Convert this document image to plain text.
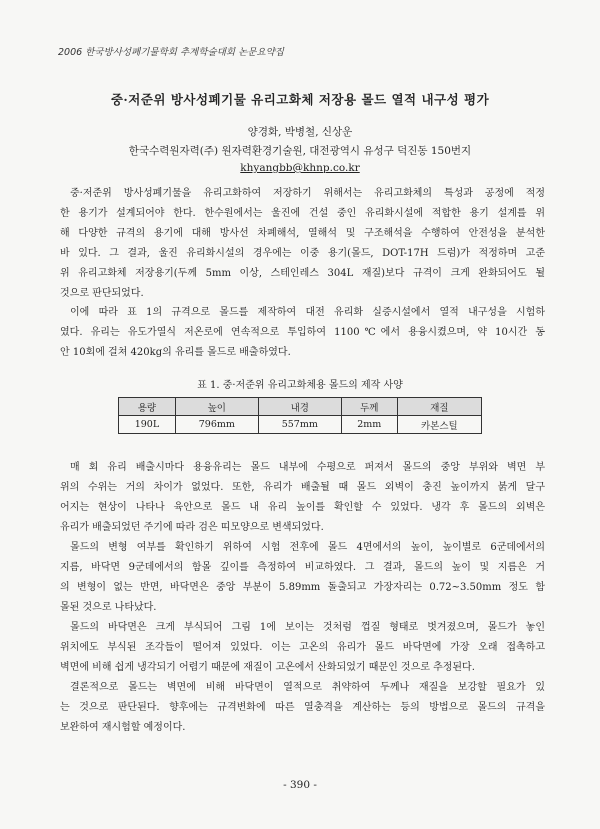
2006 한국방사성폐기물학회 추계학술대회 논문요약집
중·저준위 방사성폐기물 유리고화체 저장용 몰드 열적 내구성 평가
양경화, 박병철, 신상운
한국수력원자력(주) 원자력환경기술원, 대전광역시 유성구 덕진동 150번지
khyangbb@khnp.co.kr
중·저준위 방사성폐기물을 유리고화하여 저장하기 위해서는 유리고화체의 특성과 공정에 적정
한 용기가 설계되어야 한다. 한수원에서는 울진에 건설 중인 유리화시설에 적합한 용기 설계를 위
해 다양한 규격의 용기에 대해 방사선 차폐해석, 열해석 및 구조해석을 수행하여 안전성을 분석한
바 있다. 그 결과, 울진 유리화시설의 경우에는 이중 용기(몰드, DOT-17H 드럼)가 적정하며 고준
위 유리고화체 저장용기(두께 5mm 이상, 스테인레스 304L 재질)보다 규격이 크게 완화되어도 될
것으로 판단되었다.
이에 따라 표 1의 규격으로 몰드를 제작하여 대전 유리화 실증시설에서 열적 내구성을 시험하
였다. 유리는 유도가열식 저온로에 연속적으로 투입하여 1100℃에서 용융시켰으며, 약 10시간 동
안 10회에 걸쳐 420kg의 유리를 몰드로 배출하였다.
표 1. 중·저준위 유리고화체용 몰드의 제작 사양
용량	높이	내경	두께	재질
190L	796mm	557mm	2mm	카본스틸
매 회 유리 배출시마다 용융유리는 몰드 내부에 수평으로 퍼져서 몰드의 중앙 부위와 벽면 부
위의 수위는 거의 차이가 없었다. 또한, 유리가 배출될 때 몰드 외벽이 충진 높이까지 붉게 달구
어지는 현상이 나타나 육안으로 몰드 내 유리 높이를 확인할 수 있었다. 냉각 후 몰드의 외벽은
유리가 배출되었던 주기에 따라 검은 띠모양으로 변색되었다.
몰드의 변형 여부를 확인하기 위하여 시험 전후에 몰드 4면에서의 높이, 높이별로 6군데에서의
지름, 바닥면 9군데에서의 함몰 깊이를 측정하여 비교하였다. 그 결과, 몰드의 높이 및 지름은 거
의 변형이 없는 반면, 바닥면은 중앙 부분이 5.89mm 돌출되고 가장자리는 0.72~3.50mm 정도 함
몰된 것으로 나타났다.
몰드의 바닥면은 크게 부식되어 그림 1에 보이는 것처럼 껍질 형태로 벗겨졌으며, 몰드가 놓인
위치에도 부식된 조각들이 떨어져 있었다. 이는 고온의 유리가 몰드 바닥면에 가장 오래 접촉하고
벽면에 비해 쉽게 냉각되기 어렵기 때문에 재질이 고온에서 산화되었기 때문인 것으로 추정된다.
결론적으로 몰드는 벽면에 비해 바닥면이 열적으로 취약하여 두께나 재질을 보강할 필요가 있
는 것으로 판단된다. 향후에는 규격변화에 따른 열충격을 계산하는 등의 방법으로 몰드의 규격을
보완하여 재시험할 예정이다.
- 390 -
